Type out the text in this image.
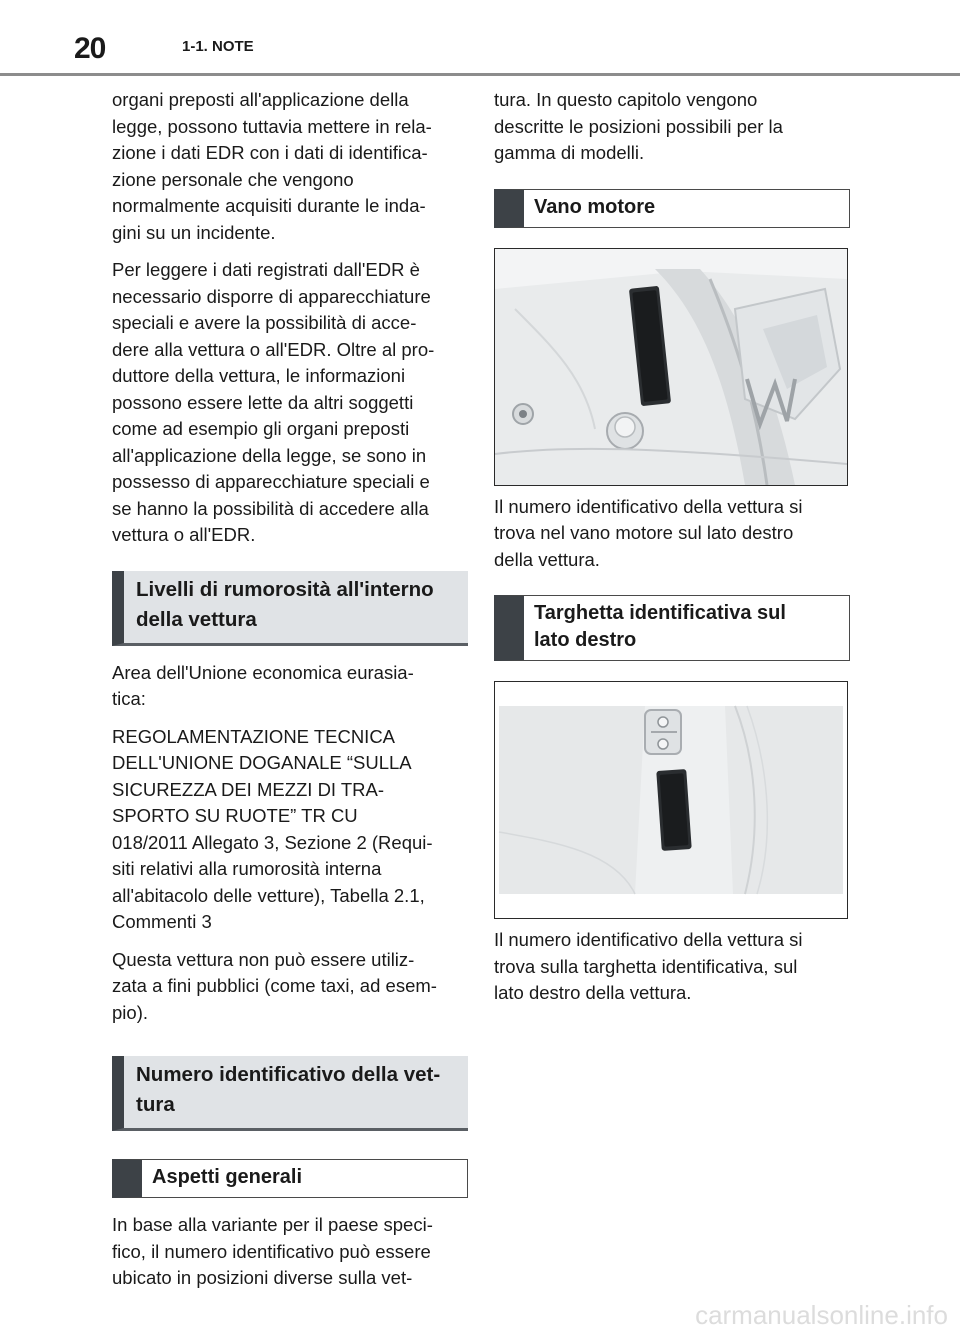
20	1-1. NOTE

organi preposti all'applicazione della
legge, possono tuttavia mettere in rela-
zione i dati EDR con i dati di identifica-
zione personale che vengono
normalmente acquisiti durante le inda-
gini su un incidente.

Per leggere i dati registrati dall'EDR è
necessario disporre di apparecchiature
speciali e avere la possibilità di acce-
dere alla vettura o all'EDR. Oltre al pro-
duttore della vettura, le informazioni
possono essere lette da altri soggetti
come ad esempio gli organi preposti
all'applicazione della legge, se sono in
possesso di apparecchiature speciali e
se hanno la possibilità di accedere alla
vettura o all'EDR.

Livelli di rumorosità all'interno
della vettura

Area dell'Unione economica eurasia-
tica:

REGOLAMENTAZIONE TECNICA
DELL'UNIONE DOGANALE “SULLA
SICUREZZA DEI MEZZI DI TRA-
SPORTO SU RUOTE” TR CU
018/2011 Allegato 3, Sezione 2 (Requi-
siti relativi alla rumorosità interna
all'abitacolo delle vetture), Tabella 2.1,
Commenti 3

Questa vettura non può essere utiliz-
zata a fini pubblici (come taxi, ad esem-
pio).

Numero identificativo della vet-
tura
Aspetti generali

In base alla variante per il paese speci-
fico, il numero identificativo può essere
ubicato in posizioni diverse sulla vet-

tura. In questo capitolo vengono
descritte le posizioni possibili per la
gamma di modelli.

Vano motore

Il numero identificativo della vettura si
trova nel vano motore sul lato destro
della vettura.

Targhetta identificativa sul
lato destro

Il numero identificativo della vettura si
trova sulla targhetta identificativa, sul
lato destro della vettura.

carmanualsonline.info
